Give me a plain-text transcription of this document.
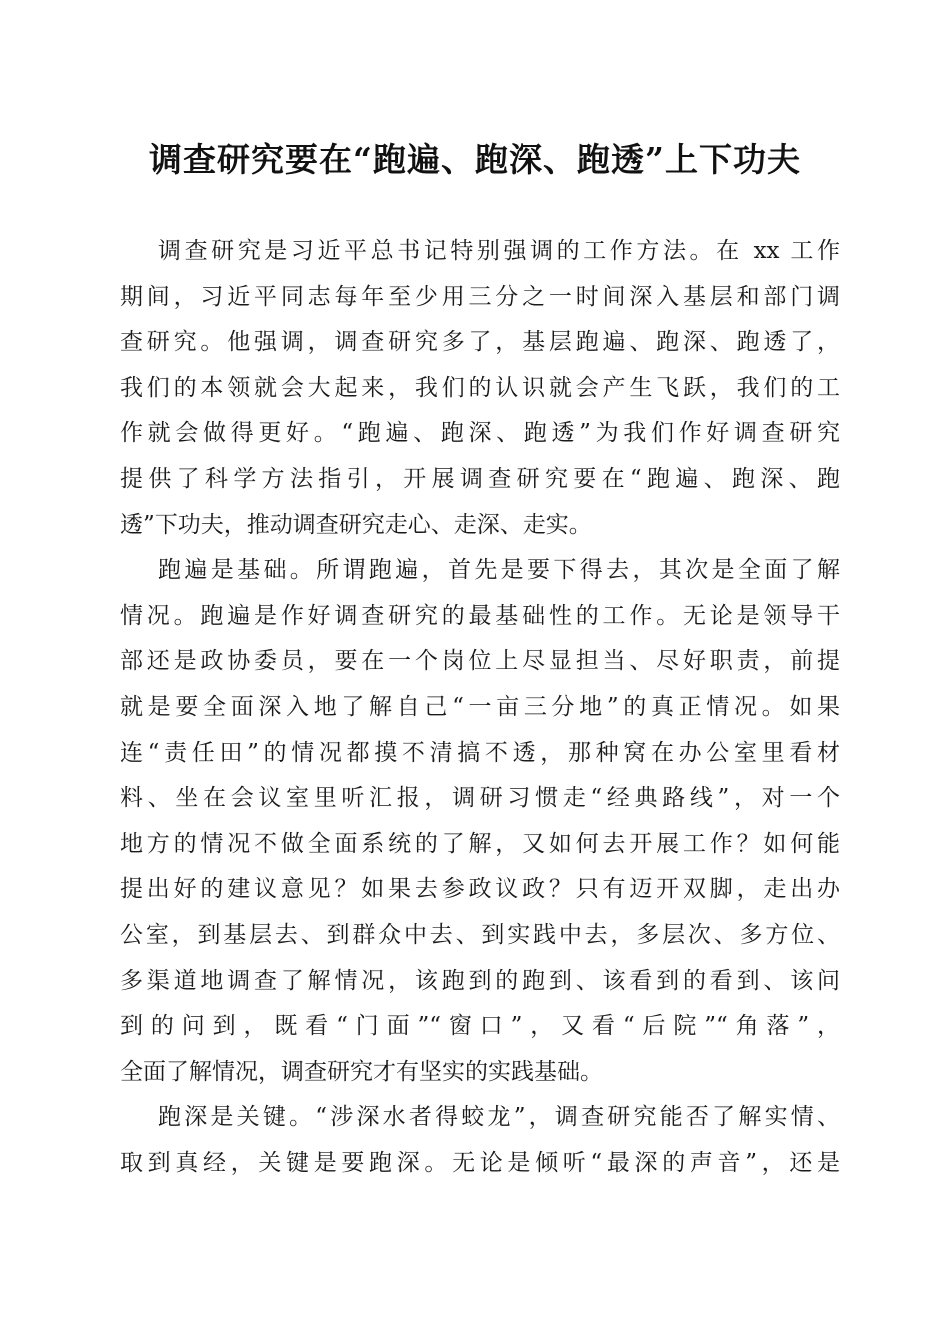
调查研究要在“跑遍、跑深、跑透”上下功夫
调查研究是习近平总书记特别强调的工作方法。在 xx 工作
期间，习近平同志每年至少用三分之一时间深入基层和部门调
查研究。他强调，调查研究多了，基层跑遍、跑深、跑透了，
我们的本领就会大起来，我们的认识就会产生飞跃，我们的工
作就会做得更好。“跑遍、跑深、跑透”为我们作好调查研究
提供了科学方法指引，开展调查研究要在“跑遍、跑深、跑
透”下功夫，推动调查研究走心、走深、走实。
跑遍是基础。所谓跑遍，首先是要下得去，其次是全面了解
情况。跑遍是作好调查研究的最基础性的工作。无论是领导干
部还是政协委员，要在一个岗位上尽显担当、尽好职责，前提
就是要全面深入地了解自己“一亩三分地”的真正情况。如果
连“责任田”的情况都摸不清搞不透，那种窝在办公室里看材
料、坐在会议室里听汇报，调研习惯走“经典路线”，对一个
地方的情况不做全面系统的了解，又如何去开展工作？如何能
提出好的建议意见？如果去参政议政？只有迈开双脚，走出办
公室，到基层去、到群众中去、到实践中去，多层次、多方位、
多渠道地调查了解情况，该跑到的跑到、该看到的看到、该问
到的问到，既看“门面”“窗口”，又看“后院”“角落”，
全面了解情况，调查研究才有坚实的实践基础。
跑深是关键。“涉深水者得蛟龙”，调查研究能否了解实情、
取到真经，关键是要跑深。无论是倾听“最深的声音”，还是
